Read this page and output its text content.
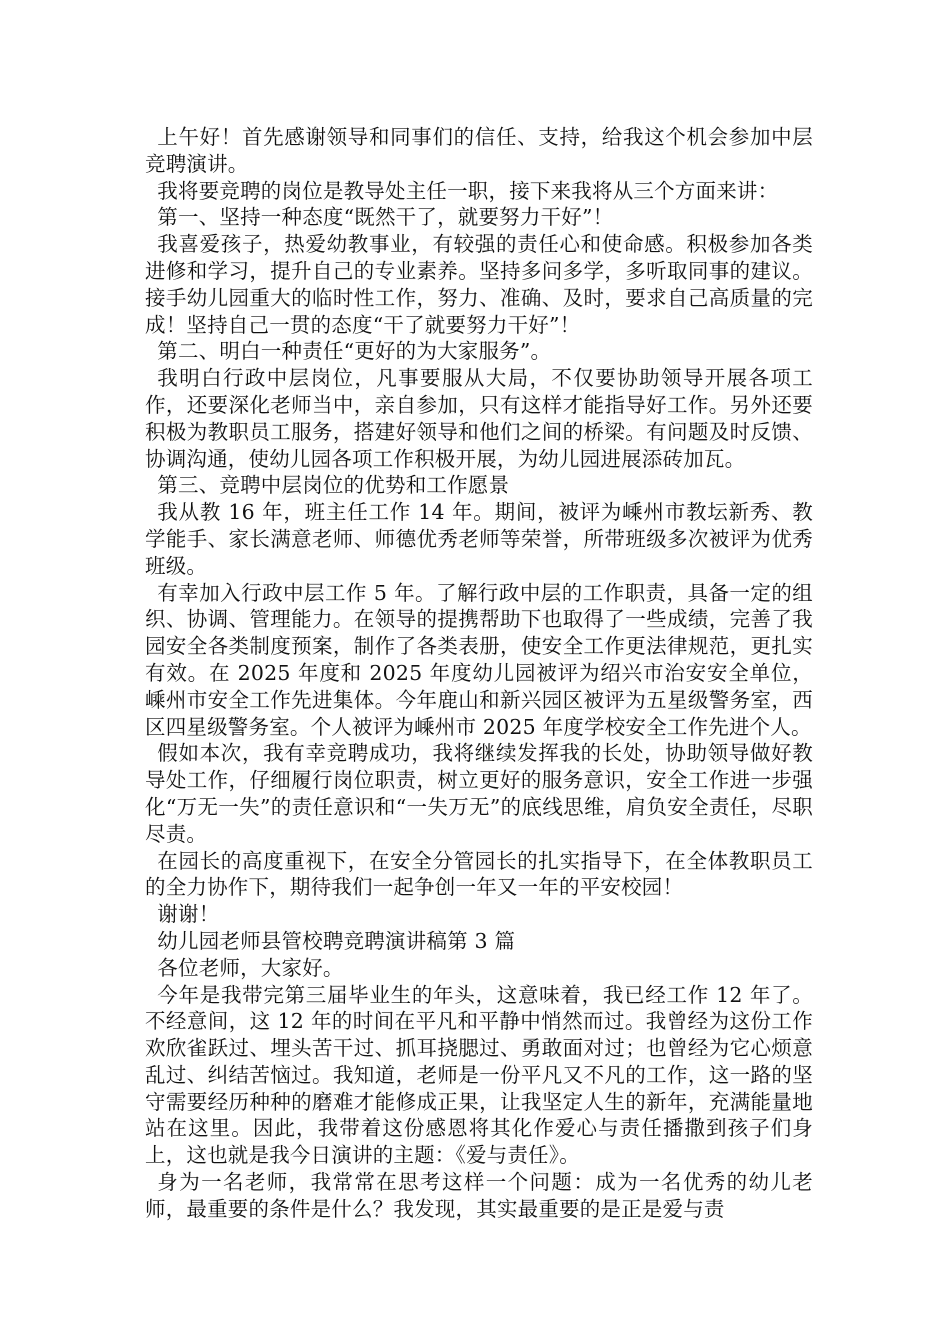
上午好！首先感谢领导和同事们的信任、支持，给我这个机会参加中层竞聘演讲。

我将要竞聘的岗位是教导处主任一职，接下来我将从三个方面来讲：

第一、坚持一种态度“既然干了，就要努力干好”！

我喜爱孩子，热爱幼教事业，有较强的责任心和使命感。积极参加各类进修和学习，提升自己的专业素养。坚持多问多学，多听取同事的建议。接手幼儿园重大的临时性工作，努力、准确、及时，要求自己高质量的完成！坚持自己一贯的态度“干了就要努力干好”！

第二、明白一种责任“更好的为大家服务”。

我明白行政中层岗位，凡事要服从大局，不仅要协助领导开展各项工作，还要深化老师当中，亲自参加，只有这样才能指导好工作。另外还要积极为教职员工服务，搭建好领导和他们之间的桥梁。有问题及时反馈、协调沟通，使幼儿园各项工作积极开展，为幼儿园进展添砖加瓦。

第三、竞聘中层岗位的优势和工作愿景

我从教 16 年，班主任工作 14 年。期间，被评为嵊州市教坛新秀、教学能手、家长满意老师、师德优秀老师等荣誉，所带班级多次被评为优秀班级。

有幸加入行政中层工作 5 年。了解行政中层的工作职责，具备一定的组织、协调、管理能力。在领导的提携帮助下也取得了一些成绩，完善了我园安全各类制度预案，制作了各类表册，使安全工作更法律规范，更扎实有效。在 2025 年度和 2025 年度幼儿园被评为绍兴市治安安全单位，嵊州市安全工作先进集体。今年鹿山和新兴园区被评为五星级警务室，西区四星级警务室。个人被评为嵊州市 2025 年度学校安全工作先进个人。

假如本次，我有幸竞聘成功，我将继续发挥我的长处，协助领导做好教导处工作，仔细履行岗位职责，树立更好的服务意识，安全工作进一步强化“万无一失”的责任意识和“一失万无”的底线思维，肩负安全责任，尽职尽责。

在园长的高度重视下，在安全分管园长的扎实指导下，在全体教职员工的全力协作下，期待我们一起争创一年又一年的平安校园！

谢谢！

幼儿园老师县管校聘竞聘演讲稿第 3 篇

各位老师，大家好。

今年是我带完第三届毕业生的年头，这意味着，我已经工作 12 年了。 不经意间，这 12 年的时间在平凡和平静中悄然而过。我曾经为这份工作欢欣雀跃过、埋头苦干过、抓耳挠腮过、勇敢面对过；也曾经为它心烦意乱过、纠结苦恼过。我知道，老师是一份平凡又不凡的工作，这一路的坚守需要经历种种的磨难才能修成正果，让我坚定人生的新年，充满能量地站在这里。因此，我带着这份感恩将其化作爱心与责任播撒到孩子们身上，这也就是我今日演讲的主题：《爱与责任》。

身为一名老师，我常常在思考这样一个问题：成为一名优秀的幼儿老师，最重要的条件是什么？我发现，其实最重要的是正是爱与责
